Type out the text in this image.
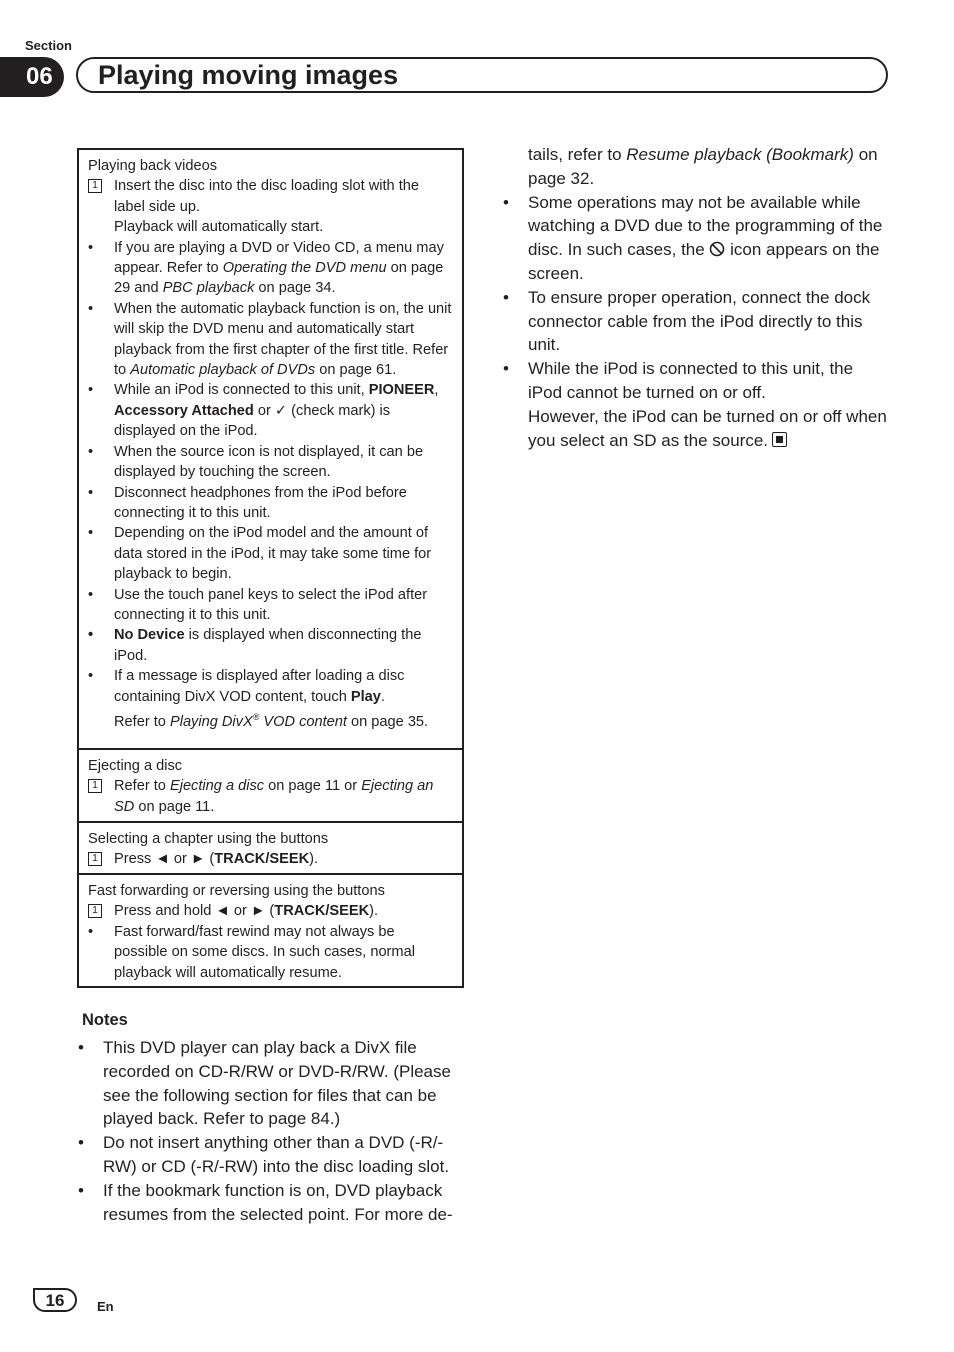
Section
06	Playing moving images
Playing back videos
1 Insert the disc into the disc loading slot with the label side up.
Playback will automatically start.
• If you are playing a DVD or Video CD, a menu may appear. Refer to Operating the DVD menu on page 29 and PBC playback on page 34.
• When the automatic playback function is on, the unit will skip the DVD menu and automatically start playback from the first chapter of the first title. Refer to Automatic playback of DVDs on page 61.
• While an iPod is connected to this unit, PIONEER, Accessory Attached or ✓ (check mark) is displayed on the iPod.
• When the source icon is not displayed, it can be displayed by touching the screen.
• Disconnect headphones from the iPod before connecting it to this unit.
• Depending on the iPod model and the amount of data stored in the iPod, it may take some time for playback to begin.
• Use the touch panel keys to select the iPod after connecting it to this unit.
• No Device is displayed when disconnecting the iPod.
• If a message is displayed after loading a disc containing DivX VOD content, touch Play.
Refer to Playing DivX® VOD content on page 35.
Ejecting a disc
1 Refer to Ejecting a disc on page 11 or Ejecting an SD on page 11.
Selecting a chapter using the buttons
1 Press ◄ or ► (TRACK/SEEK).
Fast forwarding or reversing using the buttons
1 Press and hold ◄ or ► (TRACK/SEEK).
• Fast forward/fast rewind may not always be possible on some discs. In such cases, normal playback will automatically resume.
Notes
• This DVD player can play back a DivX file recorded on CD-R/RW or DVD-R/RW. (Please see the following section for files that can be played back. Refer to page 84.)
• Do not insert anything other than a DVD (-R/-RW) or CD (-R/-RW) into the disc loading slot.
• If the bookmark function is on, DVD playback resumes from the selected point. For more de-
tails, refer to Resume playback (Bookmark) on page 32.
• Some operations may not be available while watching a DVD due to the programming of the disc. In such cases, the  icon appears on the screen.
• To ensure proper operation, connect the dock connector cable from the iPod directly to this unit.
• While the iPod is connected to this unit, the iPod cannot be turned on or off.
However, the iPod can be turned on or off when you select an SD as the source.
16	En
